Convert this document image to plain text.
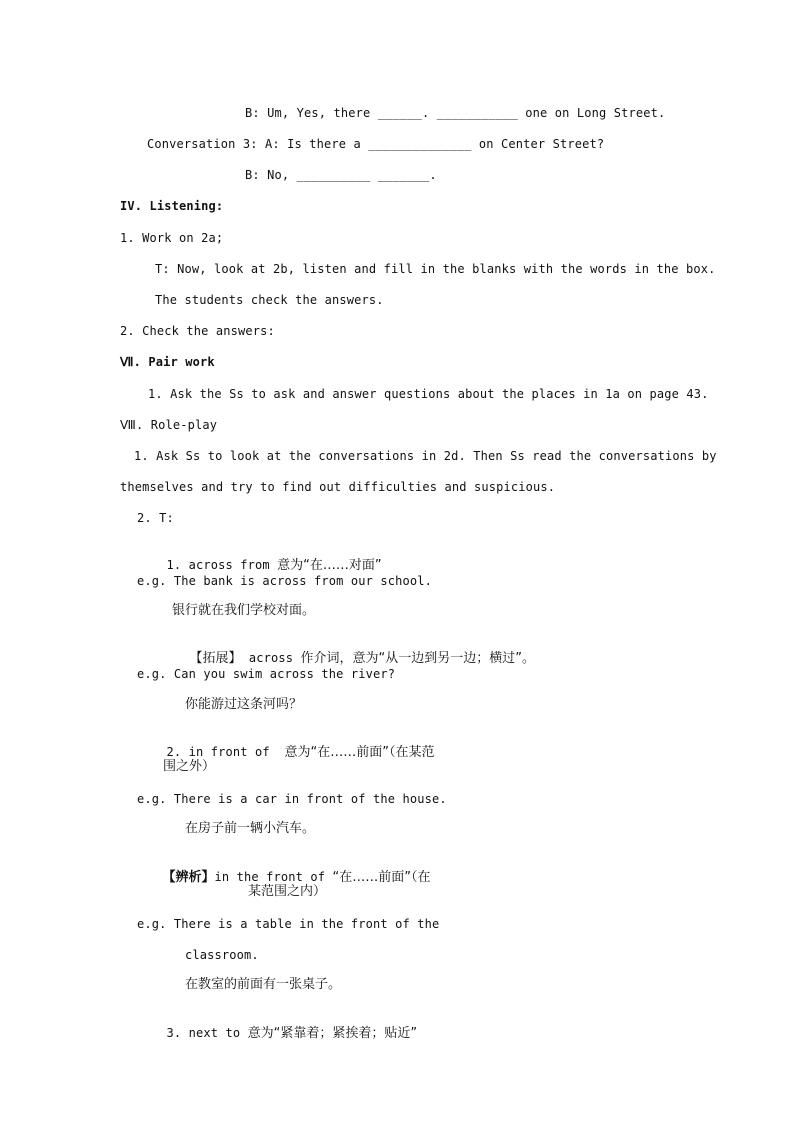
B: Um, Yes, there ______. ___________ one on Long Street.
Conversation 3: A: Is there a ______________ on Center Street?
B: No, __________ _______.
IV. Listening:
1. Work on 2a;
T: Now, look at 2b, listen and fill in the blanks with the words in the box.
The students check the answers.
2. Check the answers:
Ⅶ. Pair work
1. Ask the Ss to ask and answer questions about the places in 1a on page 43.
Ⅷ. Role-play
1. Ask Ss to look at the conversations in 2d. Then Ss read the conversations by
themselves and try to find out difficulties and suspicious.
2. T:

1. across from 意为“在……对面”

e.g. The bank is across from our school.
银行就在我们学校对面。

【拓展】 across 作介词，意为“从一边到另一边；横过”。

e.g. Can you swim across the river?
你能游过这条河吗？

2. in front of  意为“在……前面”（在某范

围之外）
e.g. There is a car in front of the house.
在房子前一辆小汽车。

【辨析】in the front of “在……前面”（在

某范围之内）
e.g. There is a table in the front of the
classroom.
在教室的前面有一张桌子。

3. next to 意为“紧靠着；紧挨着；贴近”
